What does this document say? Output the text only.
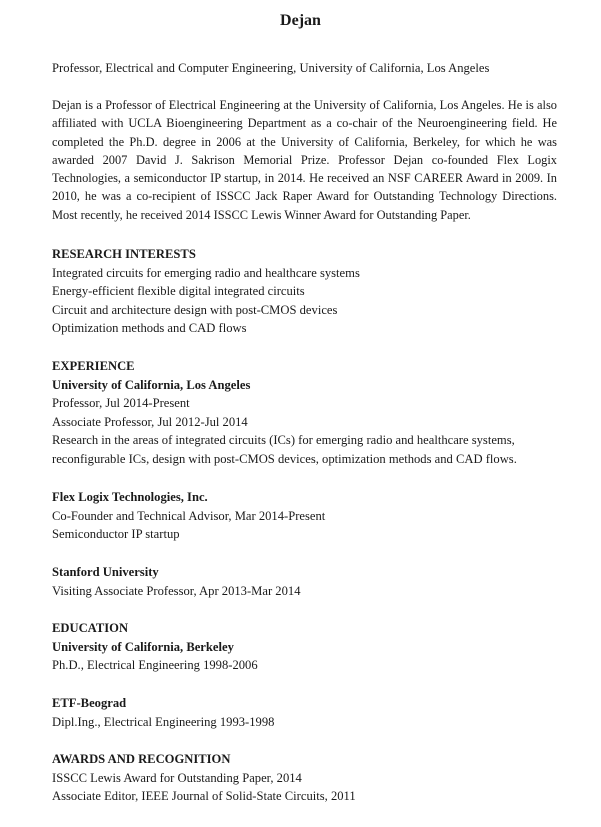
Dejan
Professor, Electrical and Computer Engineering, University of California, Los Angeles

Dejan is a Professor of Electrical Engineering at the University of California, Los Angeles. He is also affiliated with UCLA Bioengineering Department as a co-chair of the Neuroengineering field. He completed the Ph.D. degree in 2006 at the University of California, Berkeley, for which he was awarded 2007 David J. Sakrison Memorial Prize. Professor Dejan co-founded Flex Logix Technologies, a semiconductor IP startup, in 2014. He received an NSF CAREER Award in 2009. In 2010, he was a co-recipient of ISSCC Jack Raper Award for Outstanding Technology Directions. Most recently, he received 2014 ISSCC Lewis Winner Award for Outstanding Paper.

RESEARCH INTERESTS
Integrated circuits for emerging radio and healthcare systems
Energy-efficient flexible digital integrated circuits
Circuit and architecture design with post-CMOS devices
Optimization methods and CAD flows
EXPERIENCE
University of California, Los Angeles
Professor, Jul 2014-Present
Associate Professor, Jul 2012-Jul 2014
Research in the areas of integrated circuits (ICs) for emerging radio and healthcare systems,
reconfigurable ICs, design with post-CMOS devices, optimization methods and CAD flows.
Flex Logix Technologies, Inc.
Co-Founder and Technical Advisor, Mar 2014-Present
Semiconductor IP startup
Stanford University
Visiting Associate Professor, Apr 2013-Mar 2014
EDUCATION
University of California, Berkeley
Ph.D., Electrical Engineering 1998-2006
ETF-Beograd
Dipl.Ing., Electrical Engineering 1993-1998
AWARDS AND RECOGNITION
ISSCC Lewis Award for Outstanding Paper, 2014
Associate Editor, IEEE Journal of Solid-State Circuits, 2011
